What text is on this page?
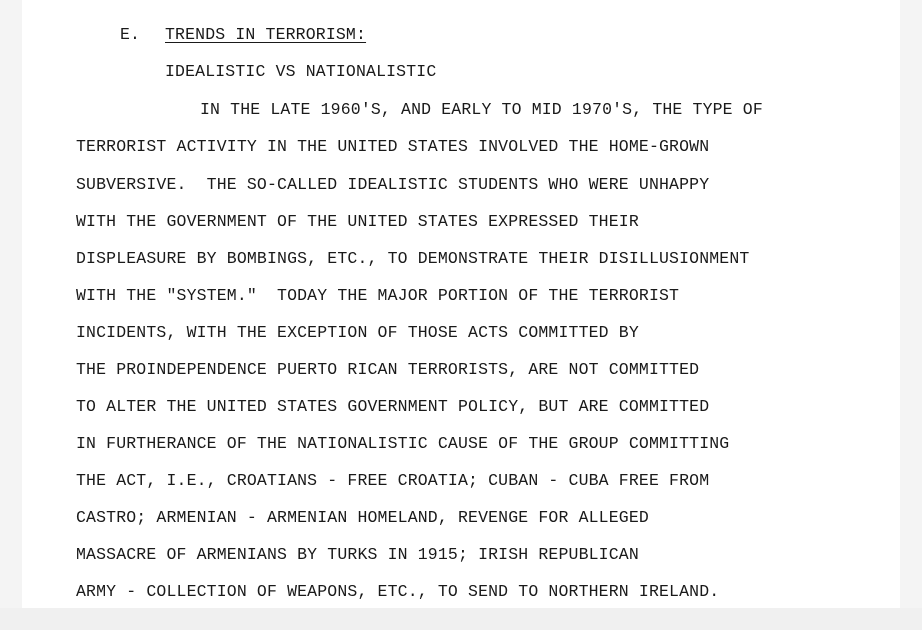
E. TRENDS IN TERRORISM:
IDEALISTIC VS NATIONALISTIC
IN THE LATE 1960'S, AND EARLY TO MID 1970'S, THE TYPE OF
TERRORIST ACTIVITY IN THE UNITED STATES INVOLVED THE HOME-GROWN
SUBVERSIVE.  THE SO-CALLED IDEALISTIC STUDENTS WHO WERE UNHAPPY
WITH THE GOVERNMENT OF THE UNITED STATES EXPRESSED THEIR
DISPLEASURE BY BOMBINGS, ETC., TO DEMONSTRATE THEIR DISILLUSIONMENT
WITH THE "SYSTEM."  TODAY THE MAJOR PORTION OF THE TERRORIST
INCIDENTS, WITH THE EXCEPTION OF THOSE ACTS COMMITTED BY
THE PROINDEPENDENCE PUERTO RICAN TERRORISTS, ARE NOT COMMITTED
TO ALTER THE UNITED STATES GOVERNMENT POLICY, BUT ARE COMMITTED
IN FURTHERANCE OF THE NATIONALISTIC CAUSE OF THE GROUP COMMITTING
THE ACT, I.E., CROATIANS - FREE CROATIA; CUBAN - CUBA FREE FROM
CASTRO; ARMENIAN - ARMENIAN HOMELAND, REVENGE FOR ALLEGED
MASSACRE OF ARMENIANS BY TURKS IN 1915; IRISH REPUBLICAN
ARMY - COLLECTION OF WEAPONS, ETC., TO SEND TO NORTHERN IRELAND.
